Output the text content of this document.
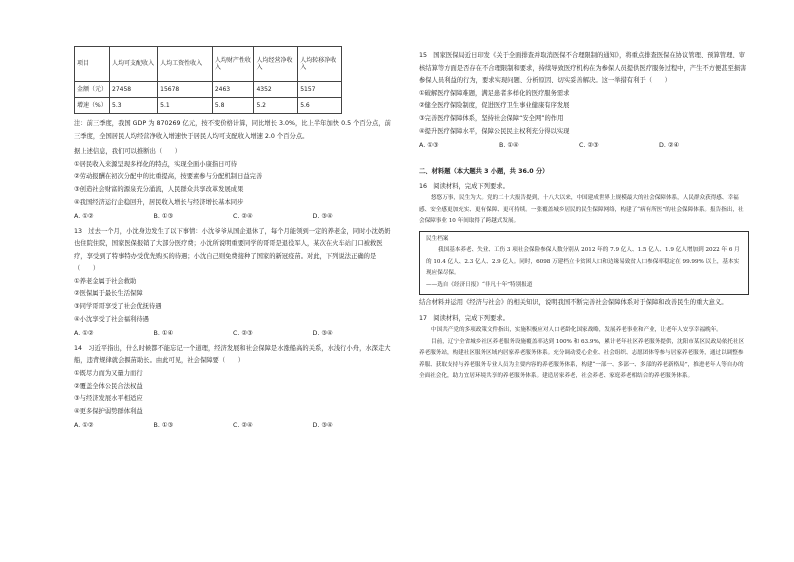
项目	人均可支配收入	人均工资性收入	人均财产性收入	人均经营净收入	人均转移净收入
金额（元）	27458	15678	2463	4352	5157
增速（%）	5.3	5.1	5.8	5.2	5.6

注：前三季度，我国 GDP 为 870269 亿元，按不变价格计算，同比增长 3.0%，比上半年加快 0.5 个百分点，前三季度，全国居民人均经营净收入增速快于居民人均可支配收入增速 2.0 个百分点。

据上述信息，我们可以推断出（　　）

①居民收入来源呈现多样化的特点，实现全面小康指日可待

②劳动报酬在初次分配中的比重提高，按要素参与分配机制日益完善

③创造社会财富的源泉充分涌流，人民群众共享改革发展成果

④我国经济运行企稳回升，居民收入增长与经济增长基本同步

A. ①②	B. ①③	C. ②④	D. ③④

13　过去一个月，小沈身边发生了以下事情：小沈爷爷从国企退休了，每个月能领到一定的养老金，同时小沈奶奶也住院住院，国家医保报销了大部分医疗费；小沈所说明重要同学的哥哥是退役军人，某次在火车站门口被救医疗，享受到了特事特办受优先购买的待遇；小沈自己则免费接种了国家的新冠疫苗。对此，下列说法正确的是（　　）

①养老金属于社会救助

②医保属于最长生活保障

③同学哥哥享受了社会优抚待遇

④小沈享受了社会福利待遇

A. ①②	B. ①④	C. ②③	D. ③④

14　习近平指出，什么时候都不能忘记一个道理，经济发展和社会保障是水涨船高的关系，水浅行小舟，水深走大船，违背规律就会揠苗助长。由此可见，社会保障要（　　）

①既尽力而为又量力而行

②覆盖全体公民合法权益

③与经济发展水平相适应

④更多保护弱势群体利益

A. ①②	B. ①③	C. ②④	D. ③④

15　国家医保局近日印发《关于全面排查并取消医保不合理限制的通知》，将重点排查医保在协议管理、预算管理、审核结算等方面是否存在不合理限制和要求，持续导致医疗机构在为参保人员提供医疗服务过程中，产生不方便甚至损害参保人员利益的行为，要求实现问题、分析原因、切实妥善解决。这一举措有利于（　　）

①破解医疗保障难题，满足患者多样化的医疗服务需求

②健全医疗保险制度，促进医疗卫生事业健康有序发展

③完善医疗保障体系，坚持社会保障“安全网”的作用

④提升医疗保障水平，保障公民民主权利充分得以实现

A. ①③	B. ①④	C. ②③	D. ②④

二、材料题（本大题共 3 小题，共 36.0 分）

16　阅读材料，完成下列要求。

悠悠万事，民生为大。党的二十大报告提到，十八大以来，中国建成世界上规模最大的社会保障体系，人民群众获得感、幸福感、安全感更加充实、更有保障、更可持续。一张覆盖城乡居民的民生保障网络，构建了“病有所医”的社会保障体系。报告指出，社会保障事业 10 年间取得了跨越式发展。

民生档案

我国基本养老、失业、工伤 3 项社会保险参保人数分别从 2012 年的 7.9 亿人、1.5 亿人、1.9 亿人增加到 2022 年 6 月的 10.4 亿人、2.3 亿人、2.9 亿人。同时，6098 万建档立卡贫困人口和边缘易致贫人口参保率稳定在 99.99% 以上，基本实现应保尽保。

——选自《经济日报》“非凡十年”特别报道

结合材料并运用《经济与社会》的相关知识，说明我国不断完善社会保障体系对于保障和改善民生的重大意义。

17　阅读材料，完成下列要求。

中国共产党的多项政策文件指出，实施积极应对人口老龄化国家战略，发展养老事业和产业，让老年人安享幸福晚年。

目前，辽宁全省城乡社区养老服务设施覆盖率达到 100% 和 63.9%，累计老年社区养老服务提供，沈阳市某区民政局依托社区养老服务站，构建社区服务区域内居家养老服务体系。充分调动爱心企业、社会组织、志愿团体等参与居家养老服务，通过以调整参养服、获取支持与养老服务专业人员为主要内容的养老服务体系，构建“一部一、多部一、多部的养老新格局”，推进老年人等自办的全面社会化，助力宜居环境共享的养老服务体系。建造居家养老，社会养老、家庭养老相结合的养老服务体系。
